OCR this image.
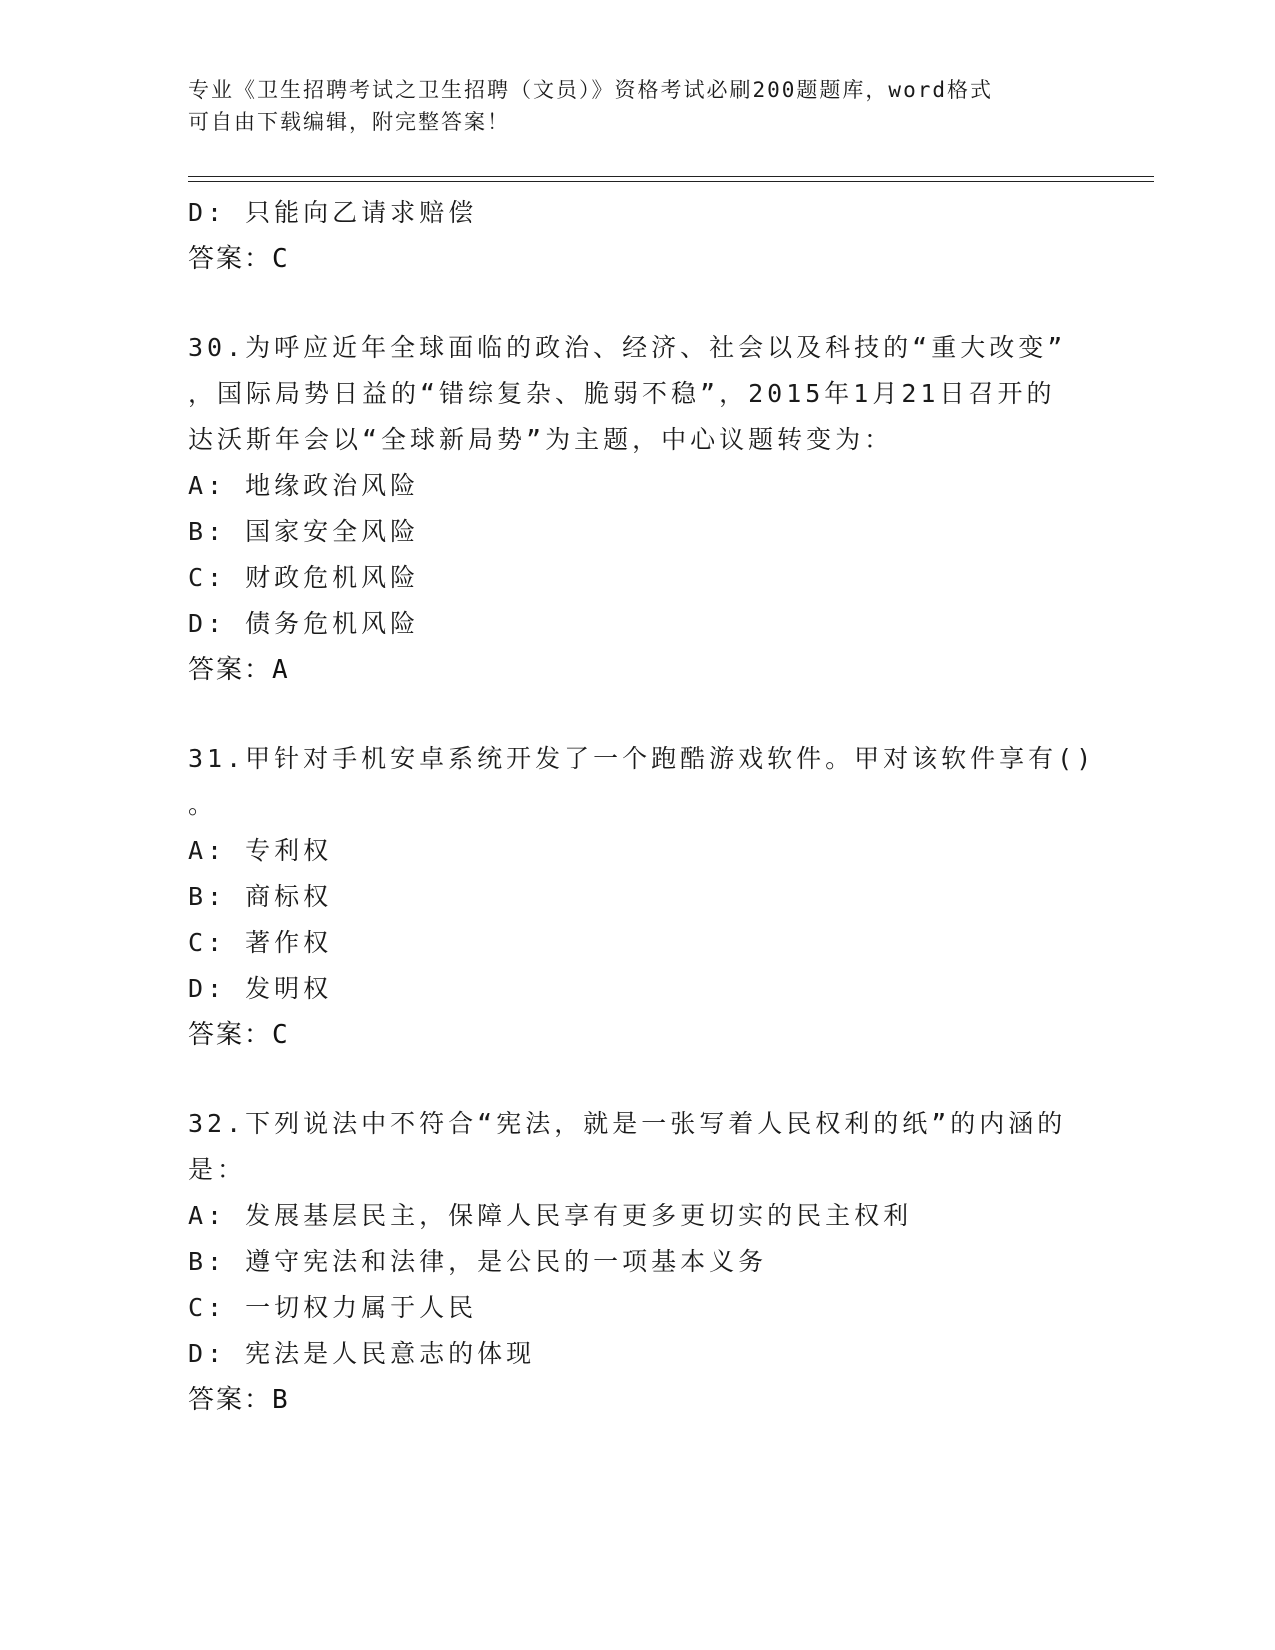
专业《卫生招聘考试之卫生招聘（文员）》资格考试必刷200题题库，word格式
可自由下载编辑，附完整答案！
D: 只能向乙请求赔偿
答案：C
30.为呼应近年全球面临的政治、经济、社会以及科技的“重大改变”
，国际局势日益的“错综复杂、脆弱不稳”，2015年1月21日召开的
达沃斯年会以“全球新局势”为主题，中心议题转变为：
A: 地缘政治风险
B: 国家安全风险
C: 财政危机风险
D: 债务危机风险
答案：A
31.甲针对手机安卓系统开发了一个跑酷游戏软件。甲对该软件享有()
。
A: 专利权
B: 商标权
C: 著作权
D: 发明权
答案：C
32.下列说法中不符合“宪法，就是一张写着人民权利的纸”的内涵的
是：
A: 发展基层民主，保障人民享有更多更切实的民主权利
B: 遵守宪法和法律，是公民的一项基本义务
C: 一切权力属于人民
D: 宪法是人民意志的体现
答案：B
